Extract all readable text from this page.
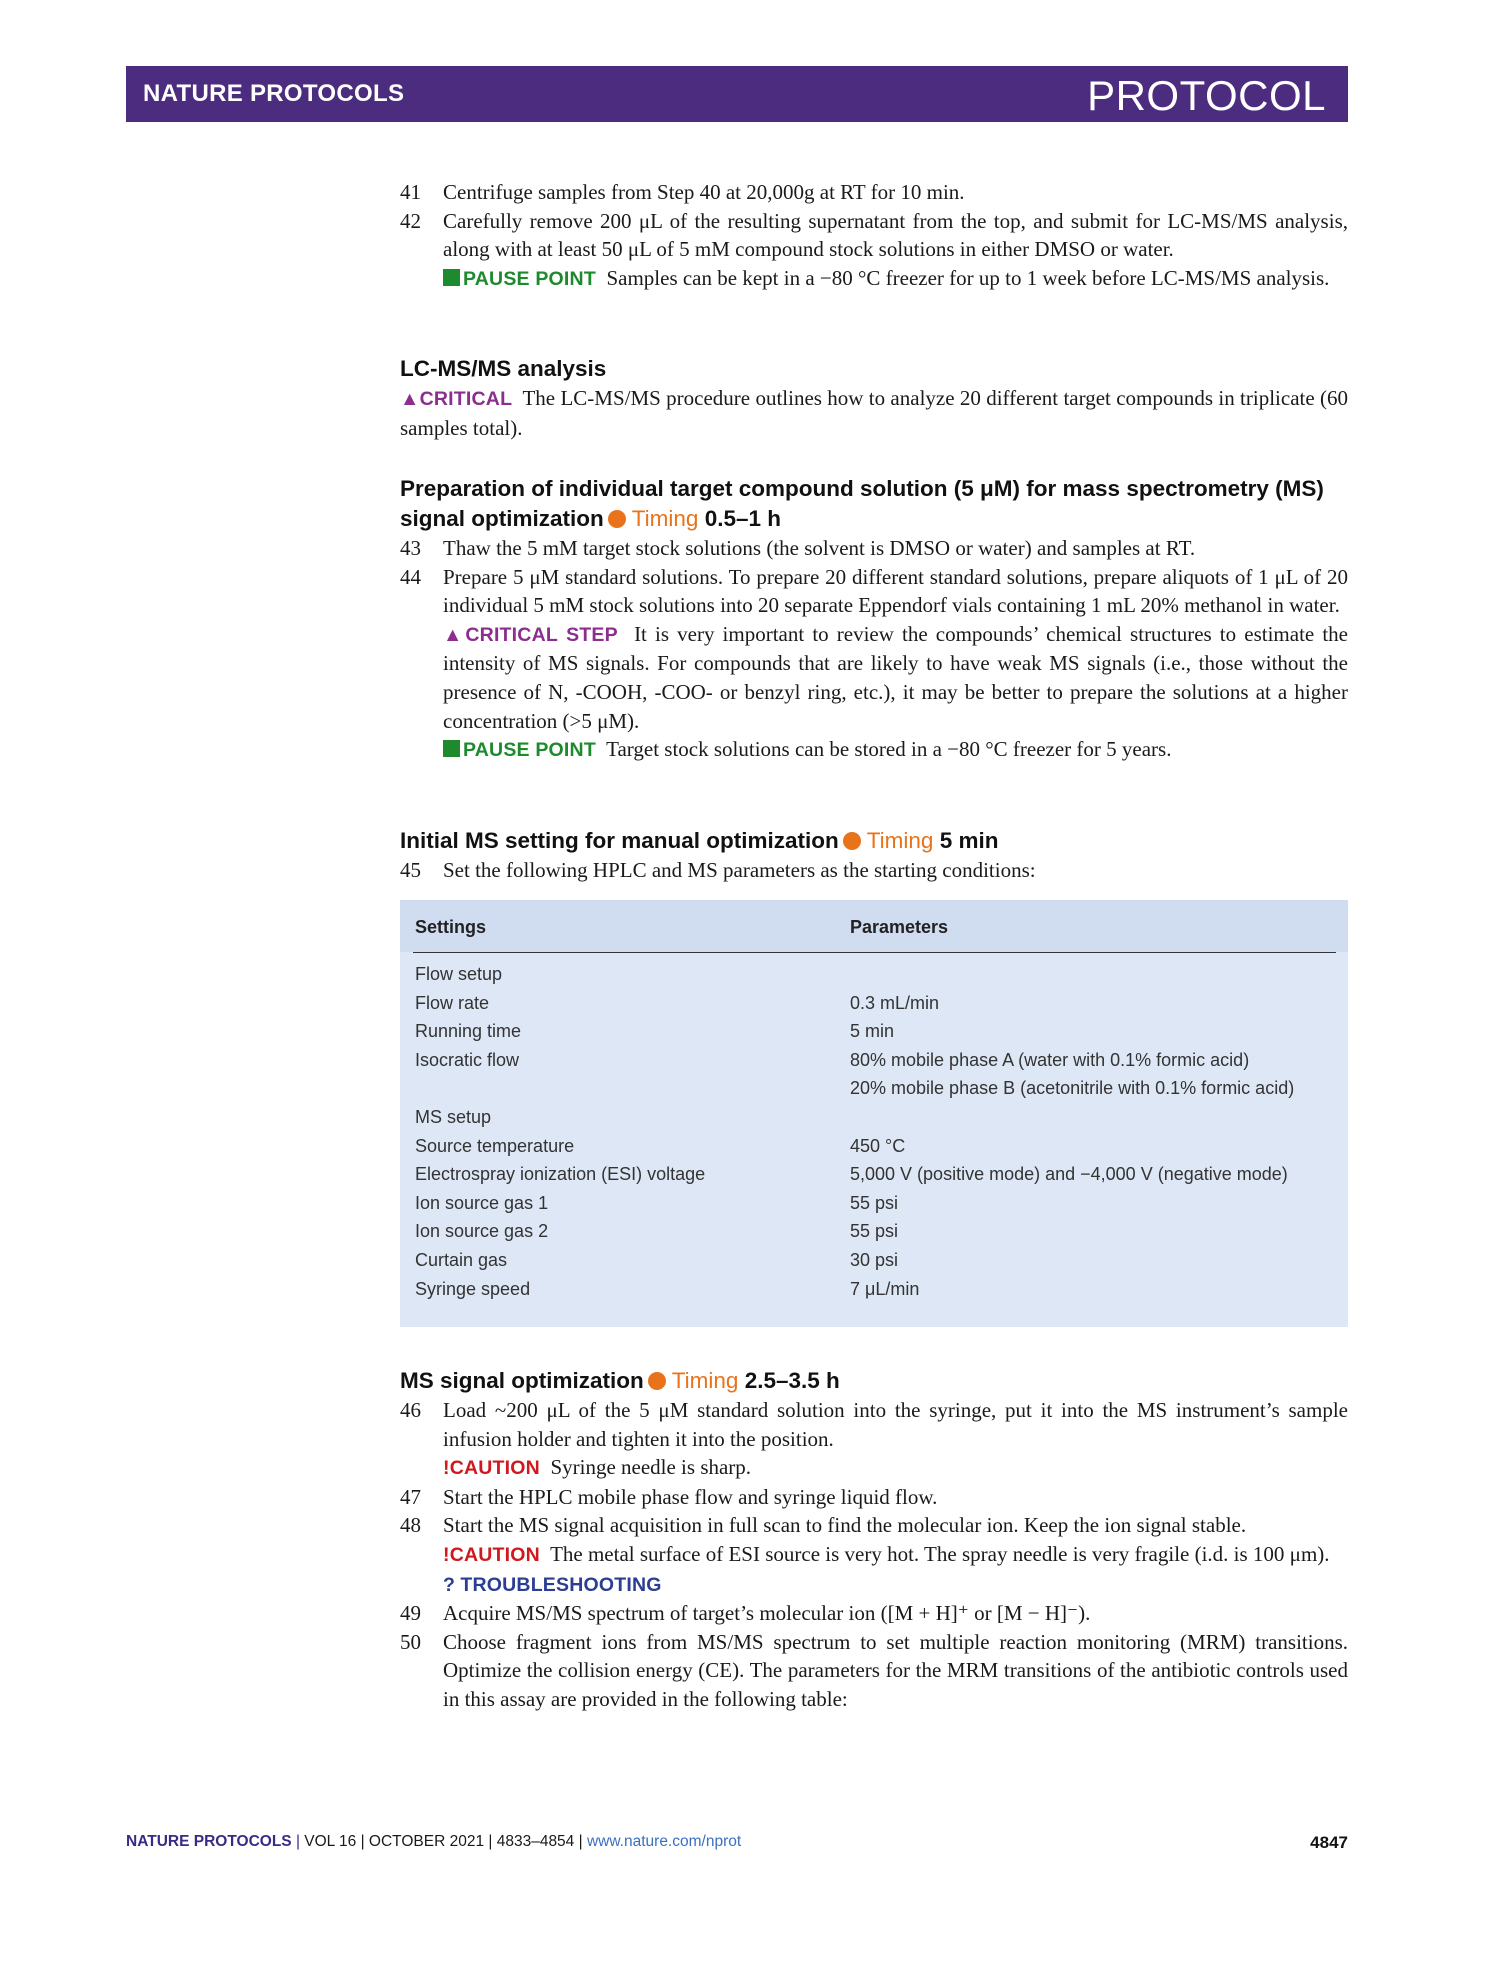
NATURE PROTOCOLS	PROTOCOL
41 Centrifuge samples from Step 40 at 20,000g at RT for 10 min.

42 Carefully remove 200 μL of the resulting supernatant from the top, and submit for LC-MS/MS analysis, along with at least 50 μL of 5 mM compound stock solutions in either DMSO or water.

PAUSE POINT Samples can be kept in a −80 °C freezer for up to 1 week before LC-MS/MS analysis.

LC-MS/MS analysis

▲CRITICAL The LC-MS/MS procedure outlines how to analyze 20 different target compounds in triplicate (60 samples total).

Preparation of individual target compound solution (5 μM) for mass spectrometry (MS) signal optimization Timing 0.5–1 h
43 Thaw the 5 mM target stock solutions (the solvent is DMSO or water) and samples at RT.

44 Prepare 5 μM standard solutions. To prepare 20 different standard solutions, prepare aliquots of 1 μL of 20 individual 5 mM stock solutions into 20 separate Eppendorf vials containing 1 mL 20% methanol in water.

▲CRITICAL STEP It is very important to review the compounds’ chemical structures to estimate the intensity of MS signals. For compounds that are likely to have weak MS signals (i.e., those without the presence of N, -COOH, -COO- or benzyl ring, etc.), it may be better to prepare the solutions at a higher concentration (>5 μM).

PAUSE POINT Target stock solutions can be stored in a −80 °C freezer for 5 years.

Initial MS setting for manual optimization Timing 5 min
45 Set the following HPLC and MS parameters as the starting conditions:

Settings	Parameters
Flow setup
Flow rate	0.3 mL/min
Running time	5 min
Isocratic flow	80% mobile phase A (water with 0.1% formic acid)
20% mobile phase B (acetonitrile with 0.1% formic acid)
MS setup
Source temperature	450 °C
Electrospray ionization (ESI) voltage	5,000 V (positive mode) and −4,000 V (negative mode)
Ion source gas 1	55 psi
Ion source gas 2	55 psi
Curtain gas	30 psi
Syringe speed	7 μL/min
MS signal optimization Timing 2.5–3.5 h
46 Load ~200 μL of the 5 μM standard solution into the syringe, put it into the MS instrument’s sample infusion holder and tighten it into the position.

!CAUTION Syringe needle is sharp.

47 Start the HPLC mobile phase flow and syringe liquid flow.

48 Start the MS signal acquisition in full scan to find the molecular ion. Keep the ion signal stable.

!CAUTION The metal surface of ESI source is very hot. The spray needle is very fragile (i.d. is 100 μm).

? TROUBLESHOOTING

49 Acquire MS/MS spectrum of target’s molecular ion ([M + H]⁺ or [M − H]⁻).

50 Choose fragment ions from MS/MS spectrum to set multiple reaction monitoring (MRM) transitions. Optimize the collision energy (CE). The parameters for the MRM transitions of the antibiotic controls used in this assay are provided in the following table:

NATURE PROTOCOLS | VOL 16 | OCTOBER 2021 | 4833–4854 | www.nature.com/nprot	4847
